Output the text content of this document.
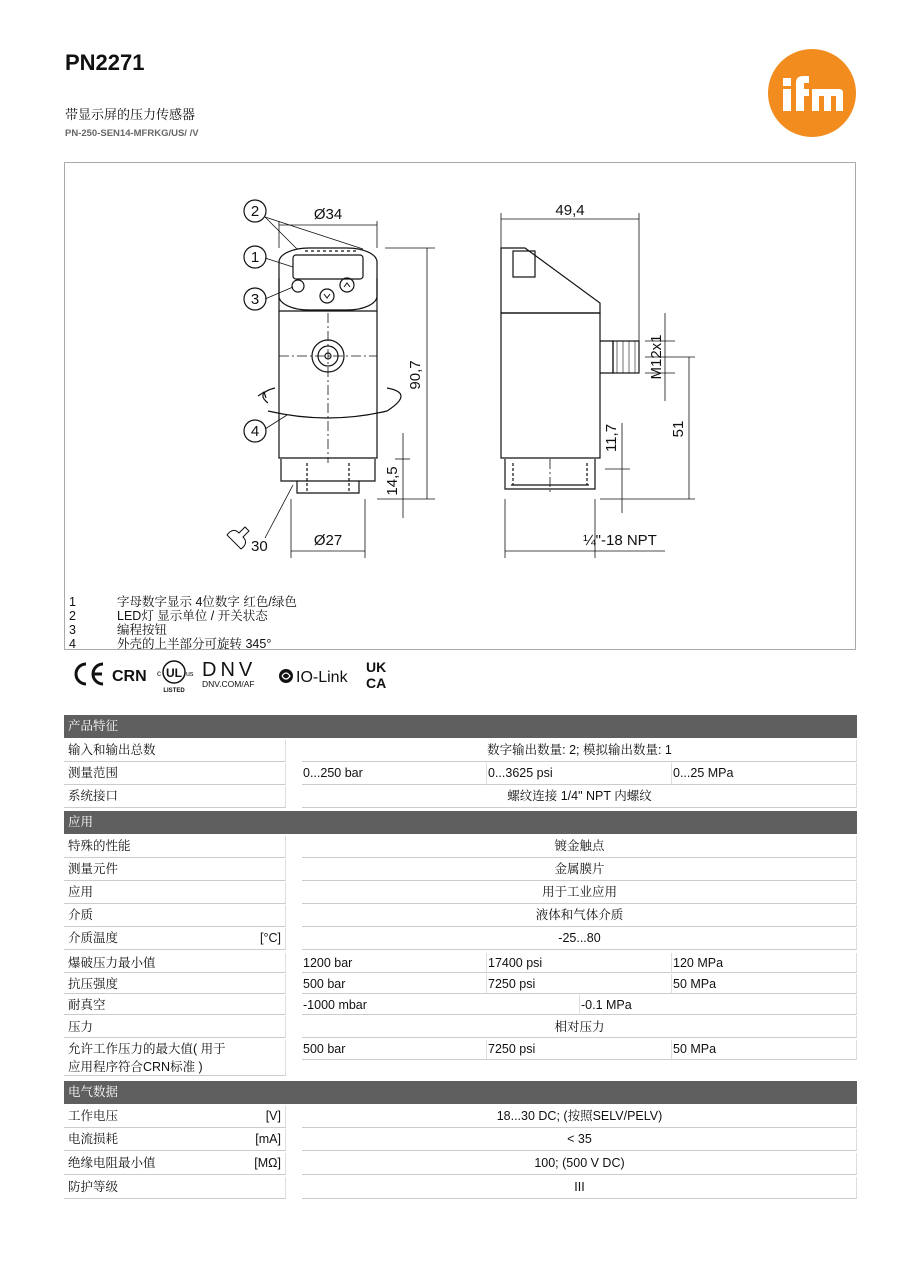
PN2271
带显示屏的压力传感器
PN-250-SEN14-MFRKG/US/ /V
ifm
2
1
3
4
Ø34	49,4
90,7
14,5
Ø27
30
11,7	51
M12x1
¼"-18 NPT
1	字母数字显示 4位数字 红色/绿色
2	LED灯 显示单位 / 开关状态
3	编程按钮
4	外壳的上半部分可旋转 345°
CE
CRN UL
c	us
LISTED
DNV
DNV.COM/AF	IO-Link
UK
CA
产品特征
输入和输出总数	数字输出数量: 2; 模拟输出数量: 1
测量范围	0...250 bar	0...3625 psi	0...25 MPa
系统接口	螺纹连接 1/4" NPT 内螺纹
应用
特殊的性能	镀金触点
测量元件	金属膜片
应用	用于工业应用
介质	液体和气体介质
介质温度	[°C]	-25...80
爆破压力最小值	1200 bar	17400 psi	120 MPa
抗压强度	500 bar	7250 psi	50 MPa
耐真空	-1000 mbar	-0.1 MPa
压力	相对压力
允许工作压力的最大值( 用于
应用程序符合CRN标准 )
500 bar	7250 psi	50 MPa
电气数据
工作电压	[V]	18...30 DC; (按照SELV/PELV)
电流损耗	[mA]	< 35
绝缘电阻最小值	[MΩ]	100; (500 V DC)
防护等级	III
